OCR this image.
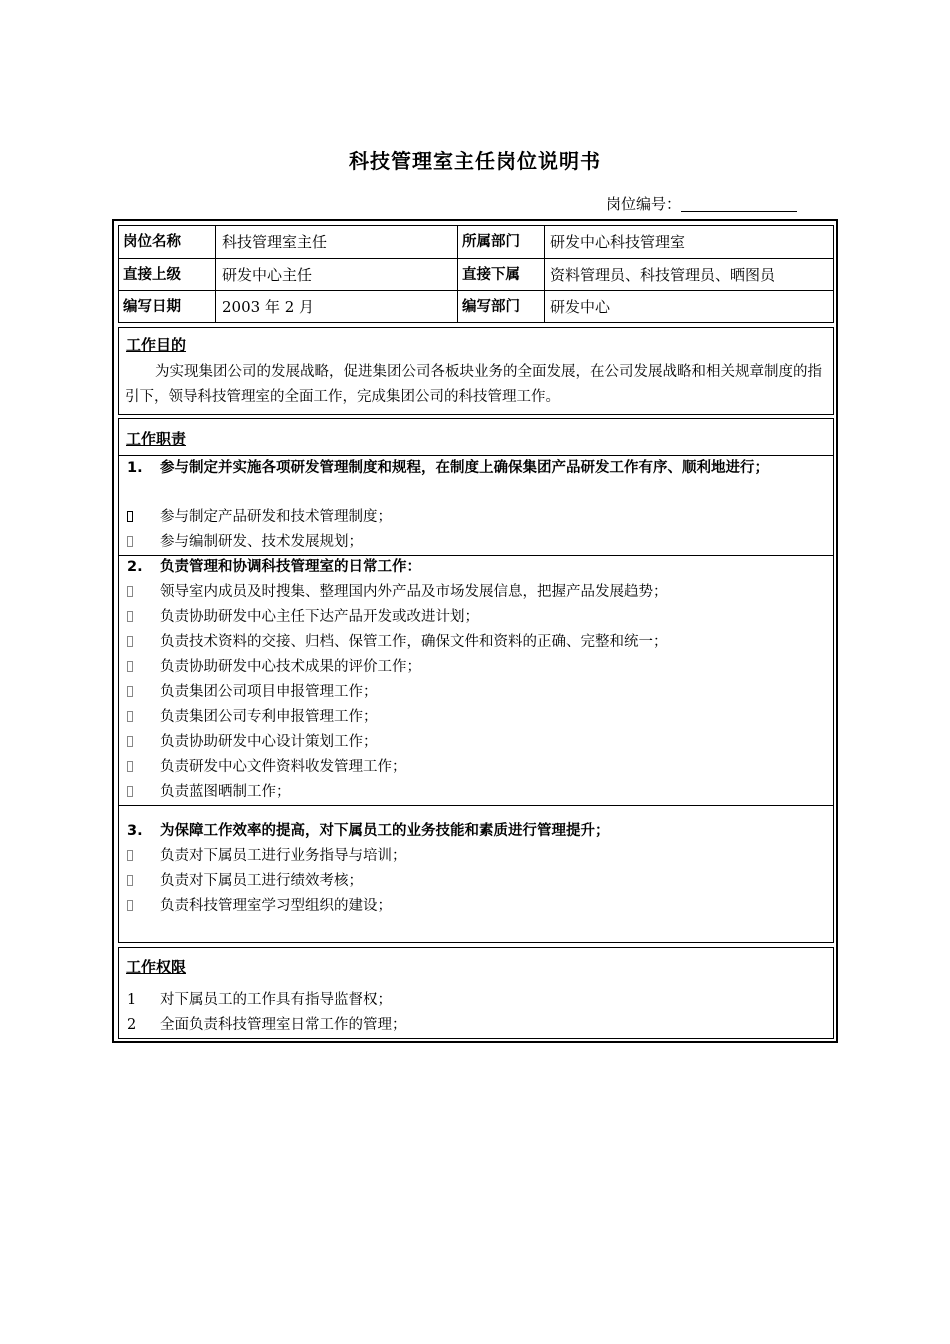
科技管理室主任岗位说明书
岗位编号：
岗位名称	科技管理室主任	所属部门	研发中心科技管理室
直接上级	研发中心主任	直接下属	资料管理员、科技管理员、晒图员
编写日期	2003 年 2 月	编写部门	研发中心
工作目的
为实现集团公司的发展战略，促进集团公司各板块业务的全面发展，在公司发展战略和相关规章制度的指引下，领导科技管理室的全面工作，完成集团公司的科技管理工作。
工作职责
1. 参与制定并实施各项研发管理制度和规程，在制度上确保集团产品研发工作有序、顺利地进行；
参与制定产品研发和技术管理制度；
参与编制研发、技术发展规划；
2. 负责管理和协调科技管理室的日常工作：
领导室内成员及时搜集、整理国内外产品及市场发展信息，把握产品发展趋势；
负责协助研发中心主任下达产品开发或改进计划；
负责技术资料的交接、归档、保管工作，确保文件和资料的正确、完整和统一；
负责协助研发中心技术成果的评价工作；
负责集团公司项目申报管理工作；
负责集团公司专利申报管理工作；
负责协助研发中心设计策划工作；
负责研发中心文件资料收发管理工作；
负责蓝图晒制工作；
3. 为保障工作效率的提高，对下属员工的业务技能和素质进行管理提升；
负责对下属员工进行业务指导与培训；
负责对下属员工进行绩效考核；
负责科技管理室学习型组织的建设；
工作权限
1 对下属员工的工作具有指导监督权；
2 全面负责科技管理室日常工作的管理；
